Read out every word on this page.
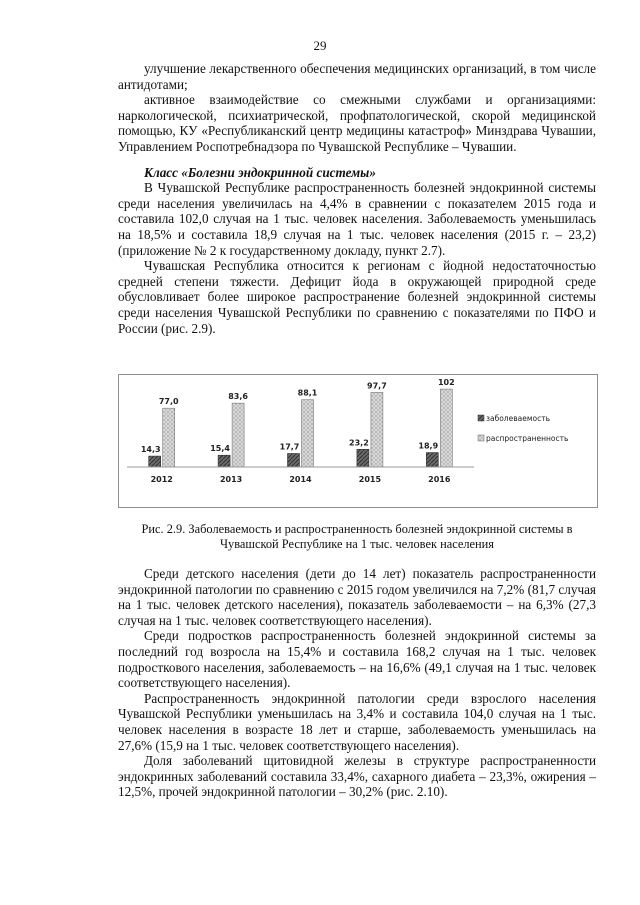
29

улучшение лекарственного обеспечения медицинских организаций, в том числе антидотами;

активное взаимодействие со смежными службами и организациями: наркологической, психиатрической, профпатологической, скорой медицинской помощью, КУ «Республиканский центр медицины катастроф» Минздрава Чувашии, Управлением Роспотребнадзора по Чувашской Республике – Чувашии.

Класс «Болезни эндокринной системы»

В Чувашской Республике распространенность болезней эндокринной системы среди населения увеличилась на 4,4% в сравнении с показателем 2015 года и составила 102,0 случая на 1 тыс. человек населения. Заболеваемость уменьшилась на 18,5% и составила 18,9 случая на 1 тыс. человек населения (2015 г. – 23,2) (приложение № 2 к государственному докладу, пункт 2.7).

Чувашская Республика относится к регионам с йодной недостаточностью средней степени тяжести. Дефицит йода в окружающей природной среде обусловливает более широкое распространение болезней эндокринной системы среди населения Чувашской Республики по сравнению с показателями по ПФО и России (рис. 2.9).

14,3
77,0
2012
15,4
83,6
2013
17,7
88,1
2014
23,2
97,7
2015
18,9
102
2016
заболеваемость
распространенность
Рис. 2.9. Заболеваемость и распространенность болезней эндокринной системы в Чувашской Республике на 1 тыс. человек населения

Среди детского населения (дети до 14 лет) показатель распространенности эндокринной патологии по сравнению с 2015 годом увеличился на 7,2% (81,7 случая на 1 тыс. человек детского населения), показатель заболеваемости – на 6,3% (27,3 случая на 1 тыс. человек соответствующего населения).

Среди подростков распространенность болезней эндокринной системы за последний год возросла на 15,4% и составила 168,2 случая на 1 тыс. человек подросткового населения, заболеваемость – на 16,6% (49,1 случая на 1 тыс. человек соответствующего населения).

Распространенность эндокринной патологии среди взрослого населения Чувашской Республики уменьшилась на 3,4% и составила 104,0 случая на 1 тыс. человек населения в возрасте 18 лет и старше, заболеваемость уменьшилась на 27,6% (15,9 на 1 тыс. человек соответствующего населения).

Доля заболеваний щитовидной железы в структуре распространенности эндокринных заболеваний составила 33,4%, сахарного диабета – 23,3%, ожирения – 12,5%, прочей эндокринной патологии – 30,2% (рис. 2.10).
